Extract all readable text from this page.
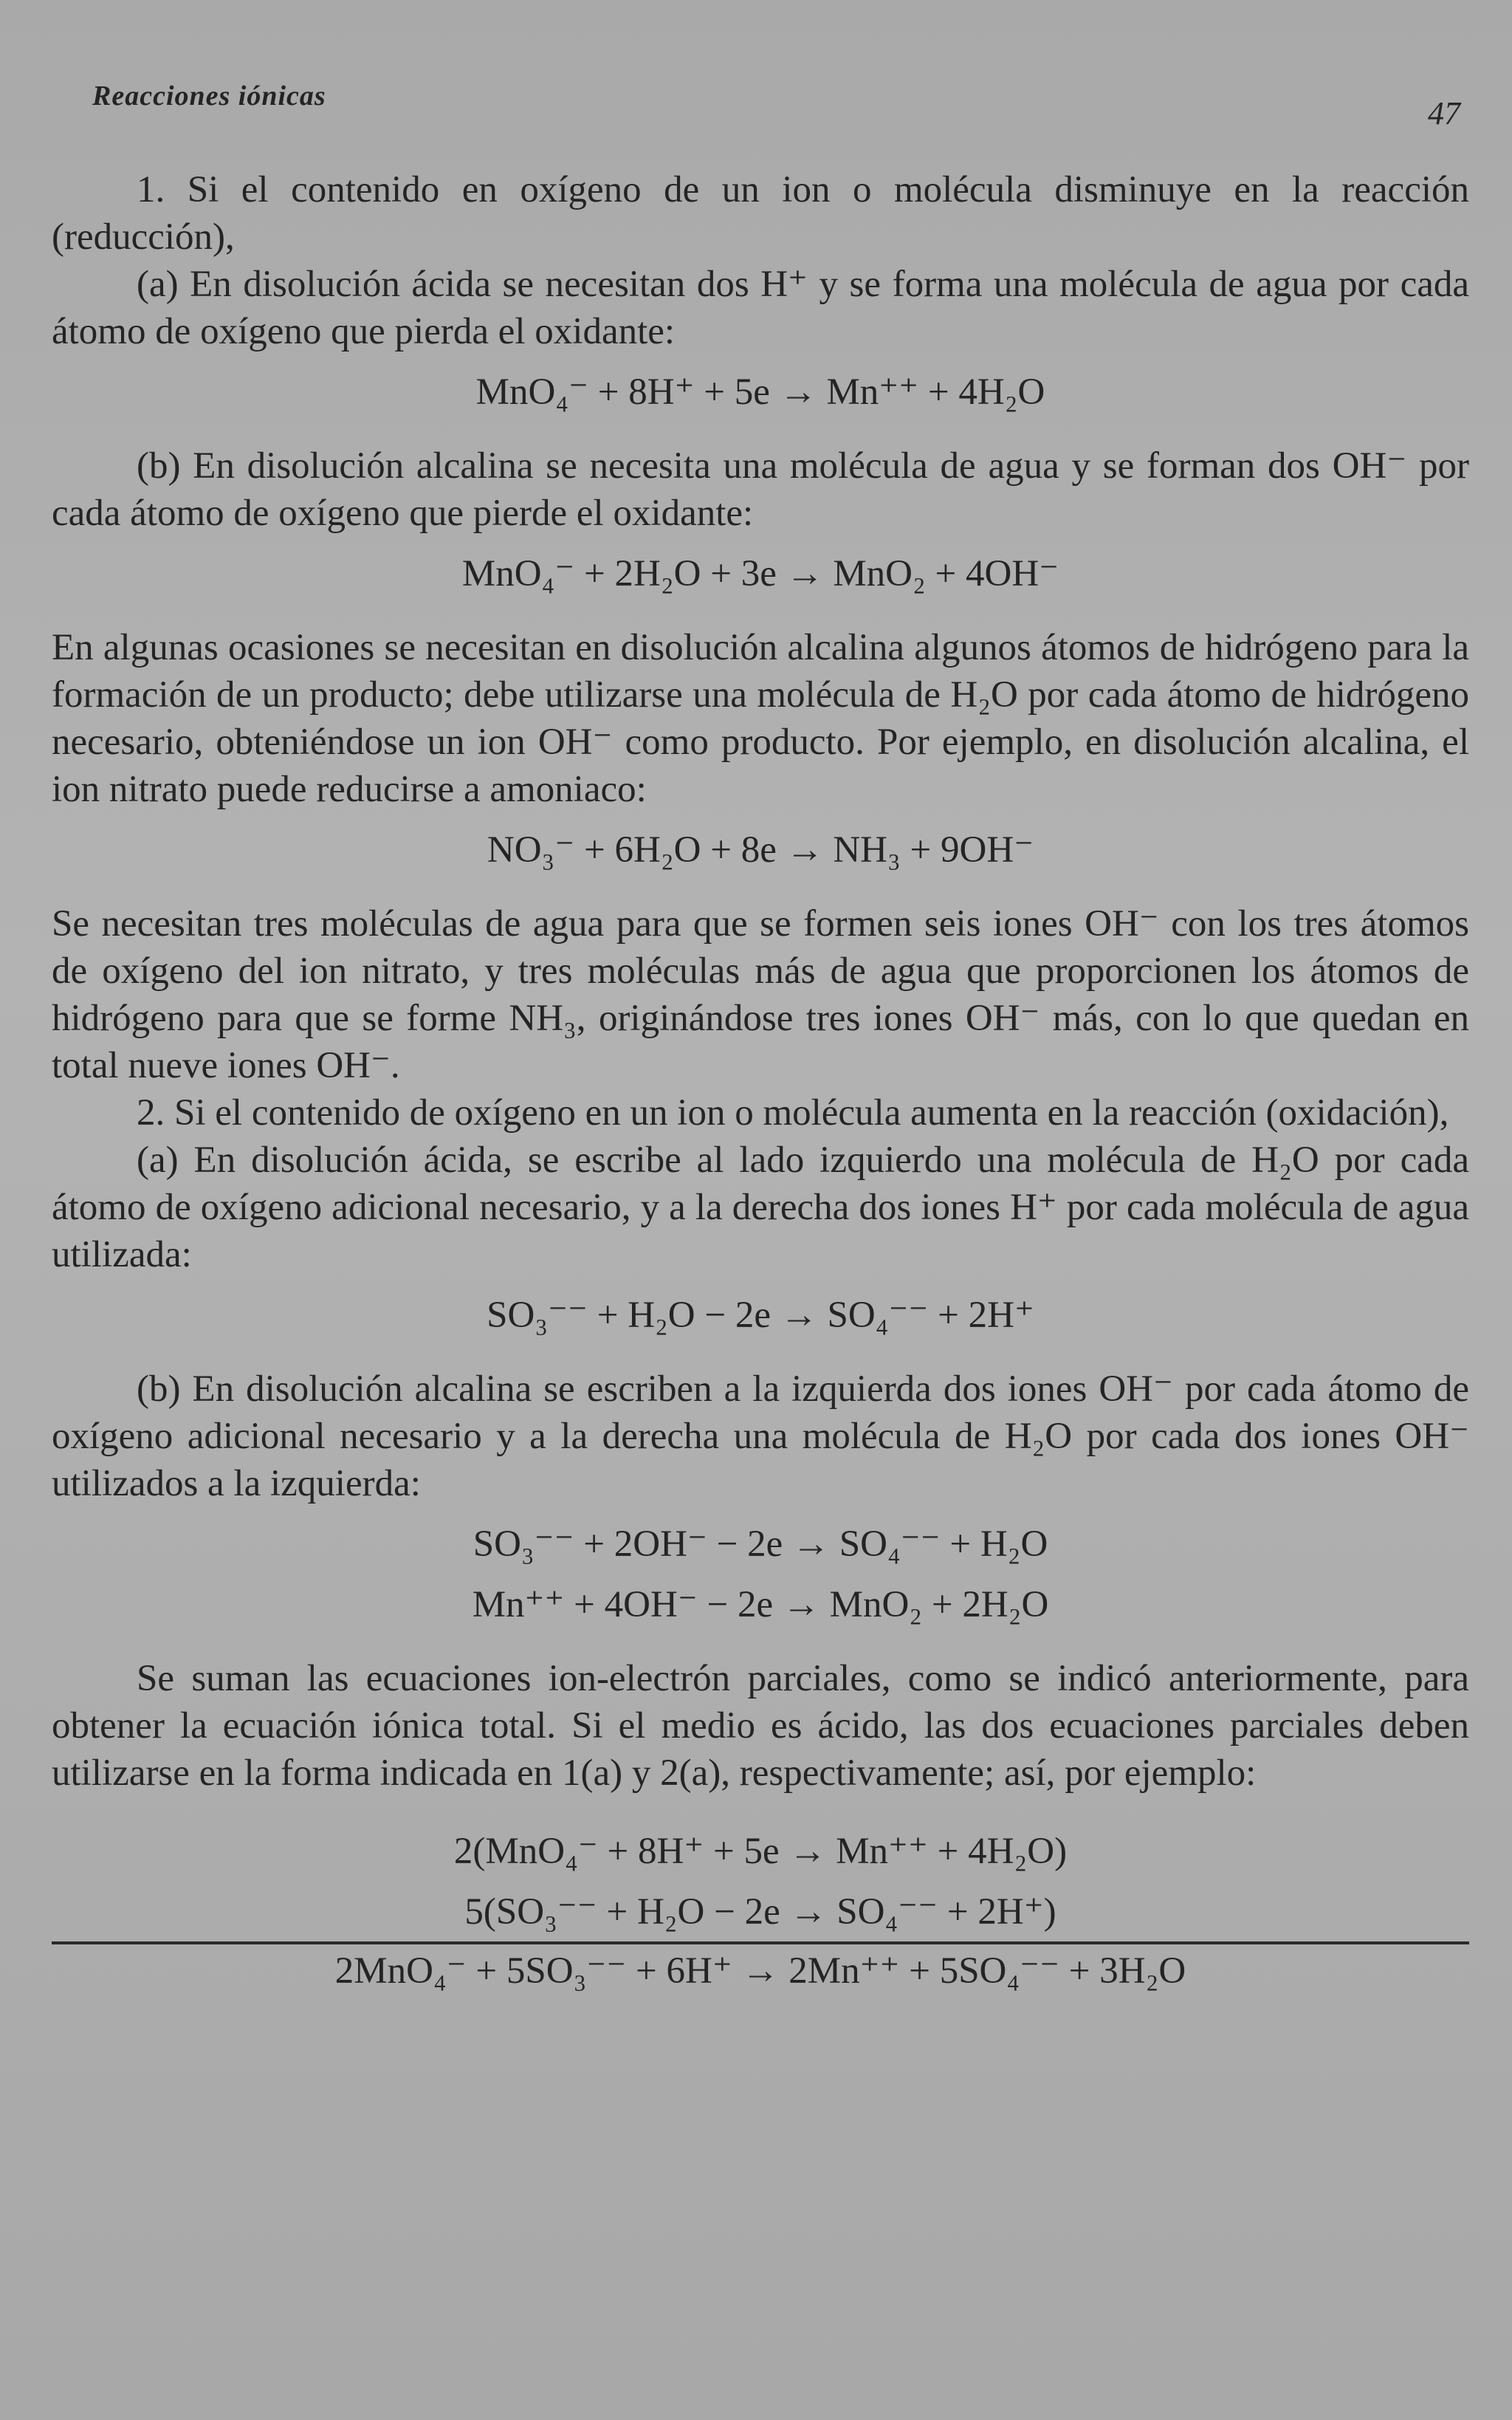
Reacciones iónicas	47

1. Si el contenido en oxígeno de un ion o molécula disminuye en la reacción (reducción),

(a) En disolución ácida se necesitan dos H⁺ y se forma una molécula de agua por cada átomo de oxígeno que pierda el oxidante:

MnO₄⁻ + 8H⁺ + 5e → Mn⁺⁺ + 4H₂O

(b) En disolución alcalina se necesita una molécula de agua y se forman dos OH⁻ por cada átomo de oxígeno que pierde el oxidante:

MnO₄⁻ + 2H₂O + 3e → MnO₂ + 4OH⁻

En algunas ocasiones se necesitan en disolución alcalina algunos átomos de hidrógeno para la formación de un producto; debe utilizarse una molécula de H₂O por cada átomo de hidrógeno necesario, obteniéndose un ion OH⁻ como producto. Por ejemplo, en disolución alcalina, el ion nitrato puede reducirse a amoniaco:

NO₃⁻ + 6H₂O + 8e → NH₃ + 9OH⁻

Se necesitan tres moléculas de agua para que se formen seis iones OH⁻ con los tres átomos de oxígeno del ion nitrato, y tres moléculas más de agua que proporcionen los átomos de hidrógeno para que se forme NH₃, originándose tres iones OH⁻ más, con lo que quedan en total nueve iones OH⁻.

2. Si el contenido de oxígeno en un ion o molécula aumenta en la reacción (oxidación),

(a) En disolución ácida, se escribe al lado izquierdo una molécula de H₂O por cada átomo de oxígeno adicional necesario, y a la derecha dos iones H⁺ por cada molécula de agua utilizada:

SO₃⁻⁻ + H₂O − 2e → SO₄⁻⁻ + 2H⁺

(b) En disolución alcalina se escriben a la izquierda dos iones OH⁻ por cada átomo de oxígeno adicional necesario y a la derecha una molécula de H₂O por cada dos iones OH⁻ utilizados a la izquierda:

SO₃⁻⁻ + 2OH⁻ − 2e → SO₄⁻⁻ + H₂O
Mn⁺⁺ + 4OH⁻ − 2e → MnO₂ + 2H₂O

Se suman las ecuaciones ion-electrón parciales, como se indicó anteriormente, para obtener la ecuación iónica total. Si el medio es ácido, las dos ecuaciones parciales deben utilizarse en la forma indicada en 1(a) y 2(a), respectivamente; así, por ejemplo:

2(MnO₄⁻ + 8H⁺ + 5e → Mn⁺⁺ + 4H₂O)
5(SO₃⁻⁻ + H₂O − 2e → SO₄⁻⁻ + 2H⁺)
2MnO₄⁻ + 5SO₃⁻⁻ + 6H⁺ → 2Mn⁺⁺ + 5SO₄⁻⁻ + 3H₂O
